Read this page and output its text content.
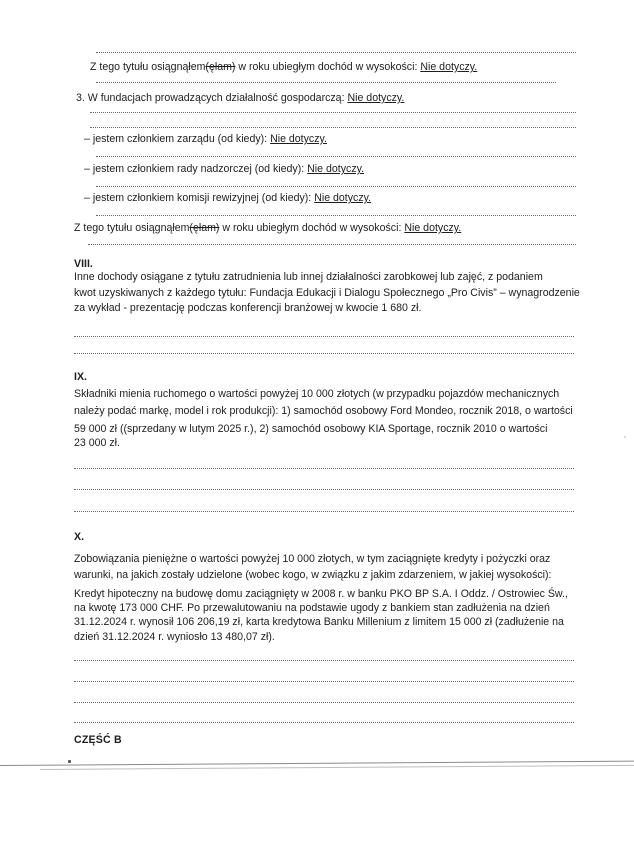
Z tego tytułu osiągnąłem(ęłam) w roku ubiegłym dochód w wysokości: Nie dotyczy.
3. W fundacjach prowadzących działalność gospodarczą: Nie dotyczy.
– jestem członkiem zarządu (od kiedy): Nie dotyczy.
– jestem członkiem rady nadzorczej (od kiedy): Nie dotyczy.
– jestem członkiem komisji rewizyjnej (od kiedy): Nie dotyczy.
Z tego tytułu osiągnąłem(ęłam) w roku ubiegłym dochód w wysokości: Nie dotyczy.
VIII.
Inne dochody osiągane z tytułu zatrudnienia lub innej działalności zarobkowej lub zajęć, z podaniem
kwot uzyskiwanych z każdego tytułu: Fundacja Edukacji i Dialogu Społecznego „Pro Civis” – wynagrodzenie
za wykład - prezentację podczas konferencji branżowej w kwocie 1 680 zł.
IX.
Składniki mienia ruchomego o wartości powyżej 10 000 złotych (w przypadku pojazdów mechanicznych
należy podać markę, model i rok produkcji): 1) samochód osobowy Ford Mondeo, rocznik 2018, o wartości
59 000 zł ((sprzedany w lutym 2025 r.), 2) samochód osobowy KIA Sportage, rocznik 2010 o wartości
23 000 zł.
X.
Zobowiązania pieniężne o wartości powyżej 10 000 złotych, w tym zaciągnięte kredyty i pożyczki oraz
warunki, na jakich zostały udzielone (wobec kogo, w związku z jakim zdarzeniem, w jakiej wysokości):
Kredyt hipoteczny na budowę domu zaciągnięty w 2008 r. w banku PKO BP S.A. I Oddz. / Ostrowiec Św.,
na kwotę 173 000 CHF. Po przewalutowaniu na podstawie ugody z bankiem stan zadłużenia na dzień
31.12.2024 r. wynosił 106 206,19 zł, karta kredytowa Banku Millenium z limitem 15 000 zł (zadłużenie na
dzień 31.12.2024 r. wyniosło 13 480,07 zł).
CZĘŚĆ B
